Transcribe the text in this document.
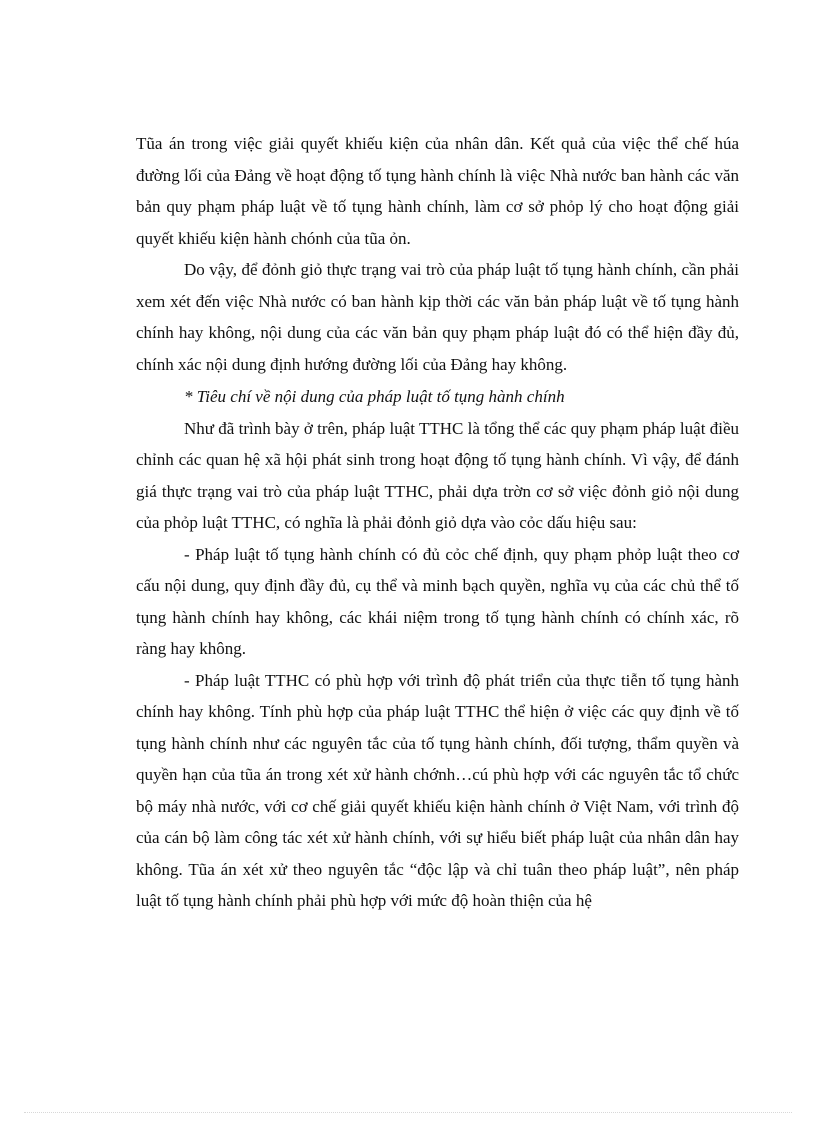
Tũa án trong việc giải quyết khiếu kiện của nhân dân. Kết quả của việc thể chế húa đường lối của Đảng về hoạt động tố tụng hành chính là việc Nhà nước ban hành các văn bản quy phạm pháp luật về tố tụng hành chính, làm cơ sở phỏp lý cho hoạt động giải quyết khiếu kiện hành chónh của tũa ỏn.

Do vậy, để đỏnh giỏ thực trạng vai trò của pháp luật tố tụng hành chính, cần phải xem xét đến việc Nhà nước có ban hành kịp thời các văn bản pháp luật về tố tụng hành chính hay không, nội dung của các văn bản quy phạm pháp luật đó có thể hiện đầy đủ, chính xác nội dung định hướng đường lối của Đảng hay không.

* Tiêu chí về nội dung của pháp luật tố tụng hành chính

Như đã trình bày ở trên, pháp luật TTHC là tổng thể các quy phạm pháp luật điều chỉnh các quan hệ xã hội phát sinh trong hoạt động tố tụng hành chính. Vì vậy, để đánh giá thực trạng vai trò của pháp luật TTHC, phải dựa trờn cơ sở việc đỏnh giỏ nội dung của phỏp luật TTHC, có nghĩa là phải đỏnh giỏ dựa vào cỏc dấu hiệu sau:

- Pháp luật tố tụng hành chính có đủ cỏc chế định, quy phạm phỏp luật theo cơ cấu nội dung, quy định đầy đủ, cụ thể và minh bạch quyền, nghĩa vụ của các chủ thể tố tụng hành chính hay không, các khái niệm trong tố tụng hành chính có chính xác, rõ ràng hay không.

- Pháp luật TTHC có phù hợp với trình độ phát triển của thực tiễn tố tụng hành chính hay không. Tính phù hợp của pháp luật TTHC thể hiện ở việc các quy định về tố tụng hành chính như các nguyên tắc của tố tụng hành chính, đối tượng, thẩm quyền và quyền hạn của tũa án trong xét xử hành chớnh…cú phù hợp với các nguyên tắc tổ chức bộ máy nhà nước, với cơ chế giải quyết khiếu kiện hành chính ở Việt Nam, với trình độ của cán bộ làm công tác xét xử hành chính, với sự hiểu biết pháp luật của nhân dân hay không. Tũa án xét xử theo nguyên tắc “độc lập và chỉ tuân theo pháp luật”, nên pháp luật tố tụng hành chính phải phù hợp với mức độ hoàn thiện của hệ
